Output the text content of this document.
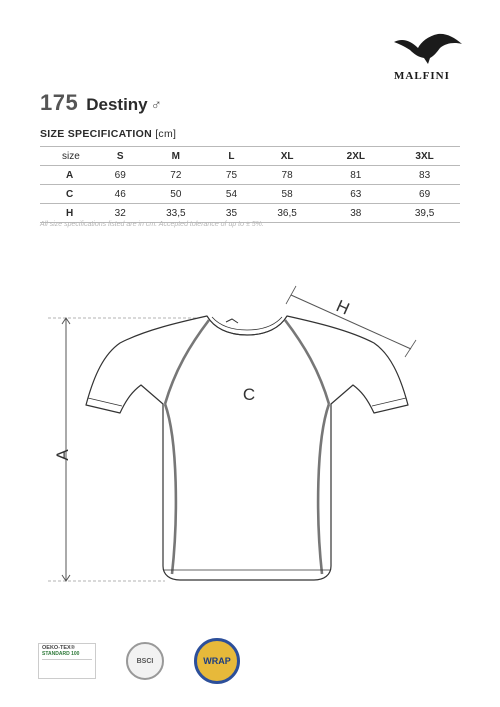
MALFINI
175 Destiny ♂
SIZE SPECIFICATION [cm]
size	S	M	L	XL	2XL	3XL
A	69	72	75	78	81	83
C	46	50	54	58	63	69
H	32	33,5	35	36,5	38	39,5
All size specifications listed are in cm. Accepted tolerance of up to ± 5%.
A
C
H
OEKO-TEX®
STANDARD 100
BSCI	WRAP
